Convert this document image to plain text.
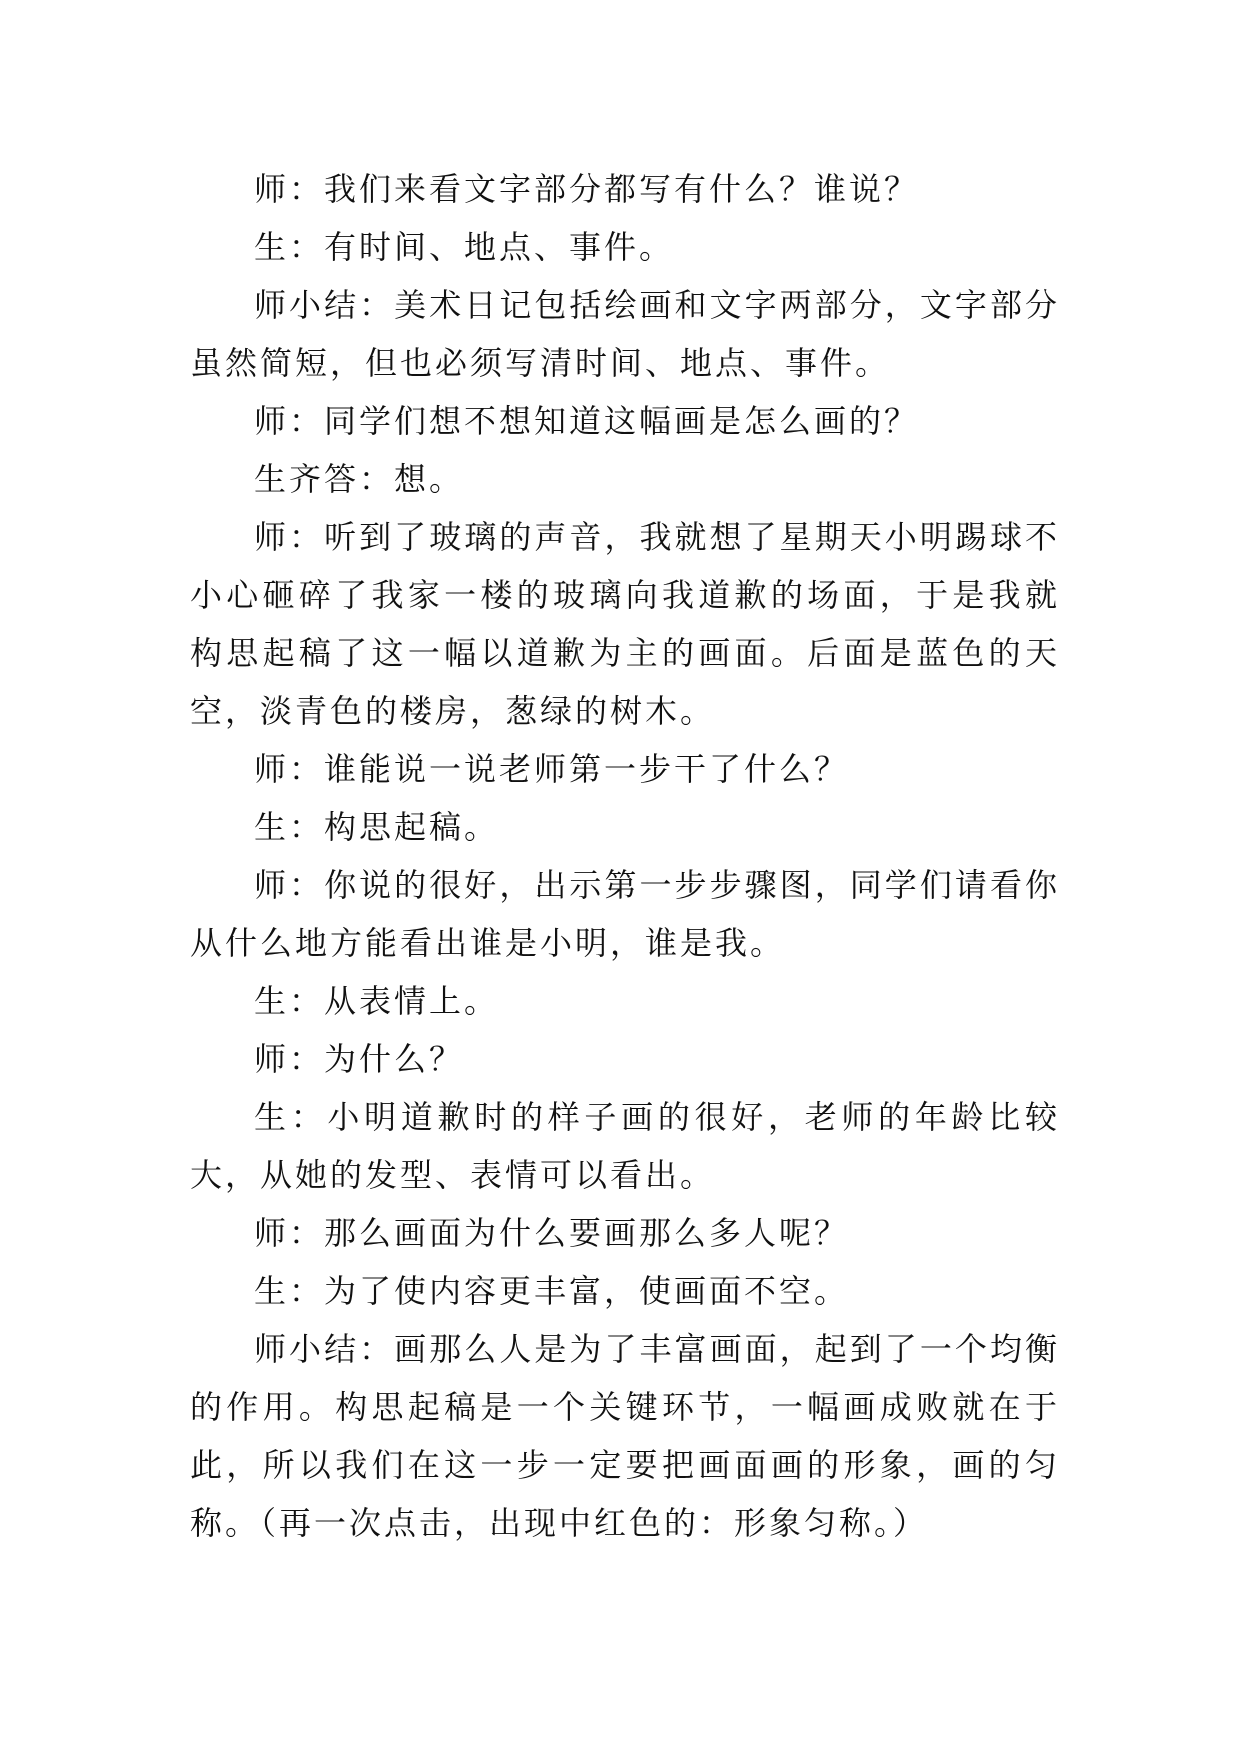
师：我们来看文字部分都写有什么？谁说？

生：有时间、地点、事件。

师小结：美术日记包括绘画和文字两部分，文字部分虽然简短，但也必须写清时间、地点、事件。

师：同学们想不想知道这幅画是怎么画的？

生齐答：想。

师：听到了玻璃的声音，我就想了星期天小明踢球不小心砸碎了我家一楼的玻璃向我道歉的场面，于是我就构思起稿了这一幅以道歉为主的画面。后面是蓝色的天空，淡青色的楼房，葱绿的树木。

师：谁能说一说老师第一步干了什么？

生：构思起稿。

师：你说的很好，出示第一步步骤图，同学们请看你从什么地方能看出谁是小明，谁是我。

生：从表情上。

师：为什么？

生：小明道歉时的样子画的很好，老师的年龄比较大，从她的发型、表情可以看出。

师：那么画面为什么要画那么多人呢？

生：为了使内容更丰富，使画面不空。

师小结：画那么人是为了丰富画面，起到了一个均衡的作用。构思起稿是一个关键环节，一幅画成败就在于此，所以我们在这一步一定要把画面画的形象，画的匀称。（再一次点击，出现中红色的：形象匀称。）
